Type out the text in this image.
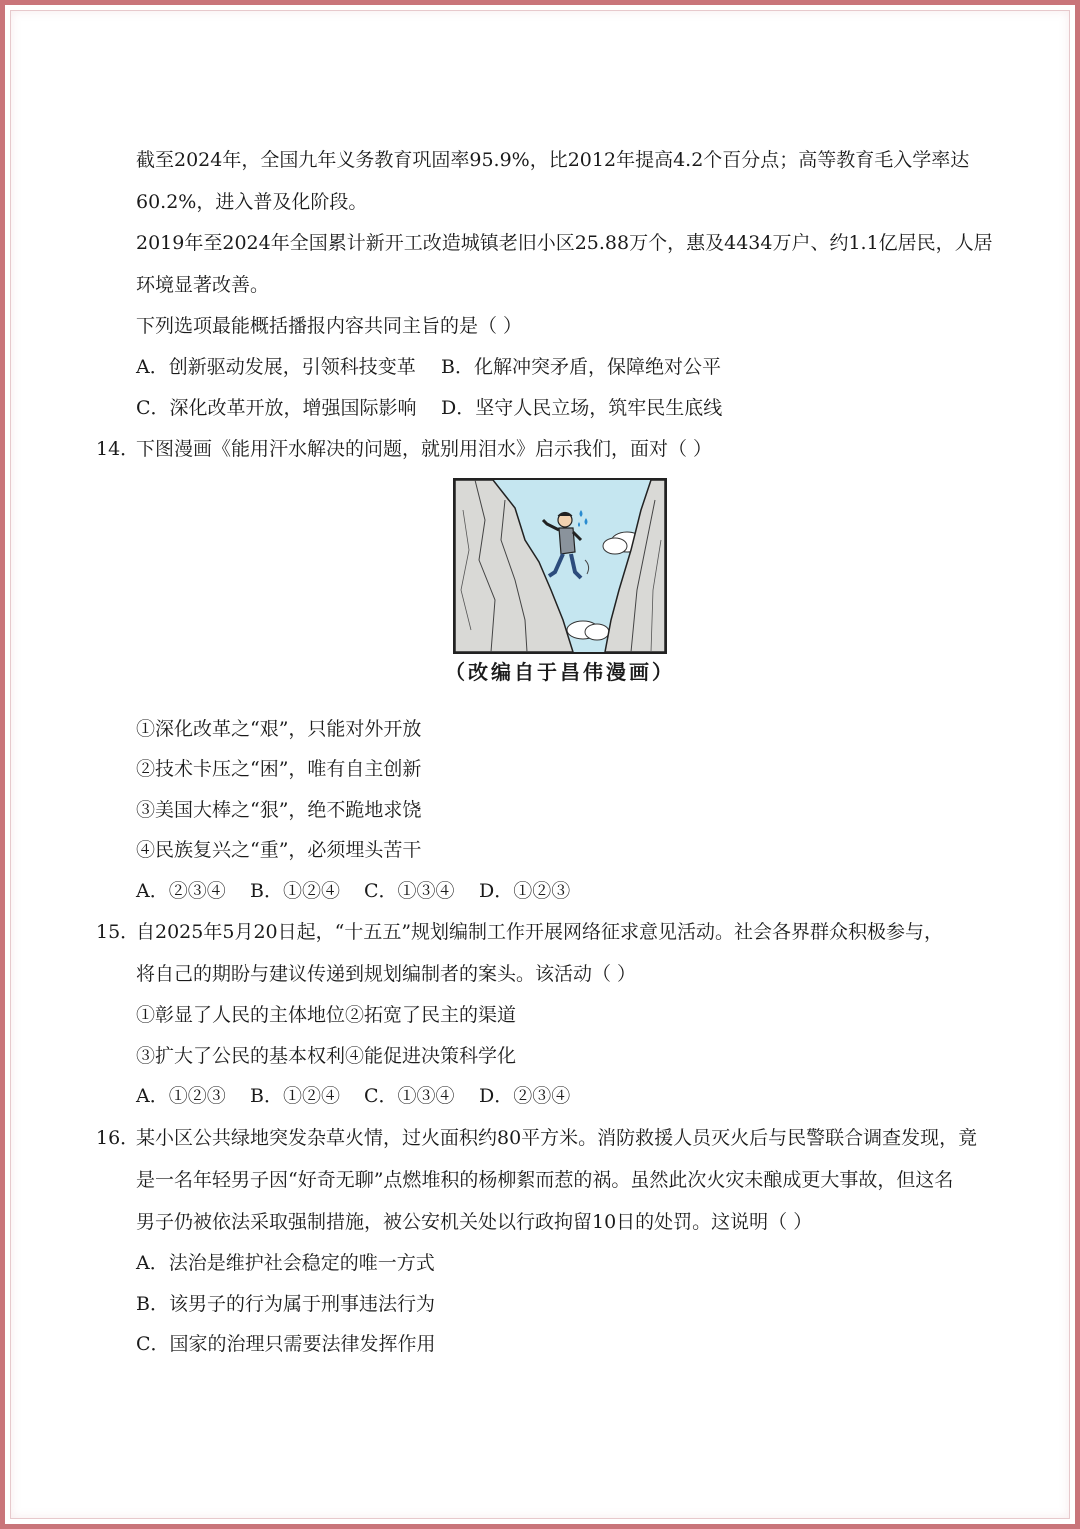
截至2024年，全国九年义务教育巩固率95.9%，比2012年提高4.2个百分点；高等教育毛入学率达
60.2%，进入普及化阶段。
2019年至2024年全国累计新开工改造城镇老旧小区25.88万个，惠及4434万户、约1.1亿居民，人居
环境显著改善。
下列选项最能概括播报内容共同主旨的是（ ）
A．创新驱动发展，引领科技变革 B．化解冲突矛盾，保障绝对公平
C．深化改革开放，增强国际影响 D．坚守人民立场，筑牢民生底线
14．
下图漫画《能用汗水解决的问题，就别用泪水》启示我们，面对（ ）
（改编自于昌伟漫画）
①深化改革之“艰”，只能对外开放
②技术卡压之“困”，唯有自主创新
③美国大棒之“狠”，绝不跪地求饶
④民族复兴之“重”，必须埋头苦干
A．②③④ B．①②④ C．①③④ D．①②③
15．
自2025年5月20日起，“十五五”规划编制工作开展网络征求意见活动。社会各界群众积极参与，
将自己的期盼与建议传递到规划编制者的案头。该活动（ ）
①彰显了人民的主体地位②拓宽了民主的渠道
③扩大了公民的基本权利④能促进决策科学化
A．①②③ B．①②④ C．①③④ D．②③④
16．
某小区公共绿地突发杂草火情，过火面积约80平方米。消防救援人员灭火后与民警联合调查发现，竟
是一名年轻男子因“好奇无聊”点燃堆积的杨柳絮而惹的祸。虽然此次火灾未酿成更大事故，但这名
男子仍被依法采取强制措施，被公安机关处以行政拘留10日的处罚。这说明（ ）
A．法治是维护社会稳定的唯一方式
B．该男子的行为属于刑事违法行为
C．国家的治理只需要法律发挥作用
